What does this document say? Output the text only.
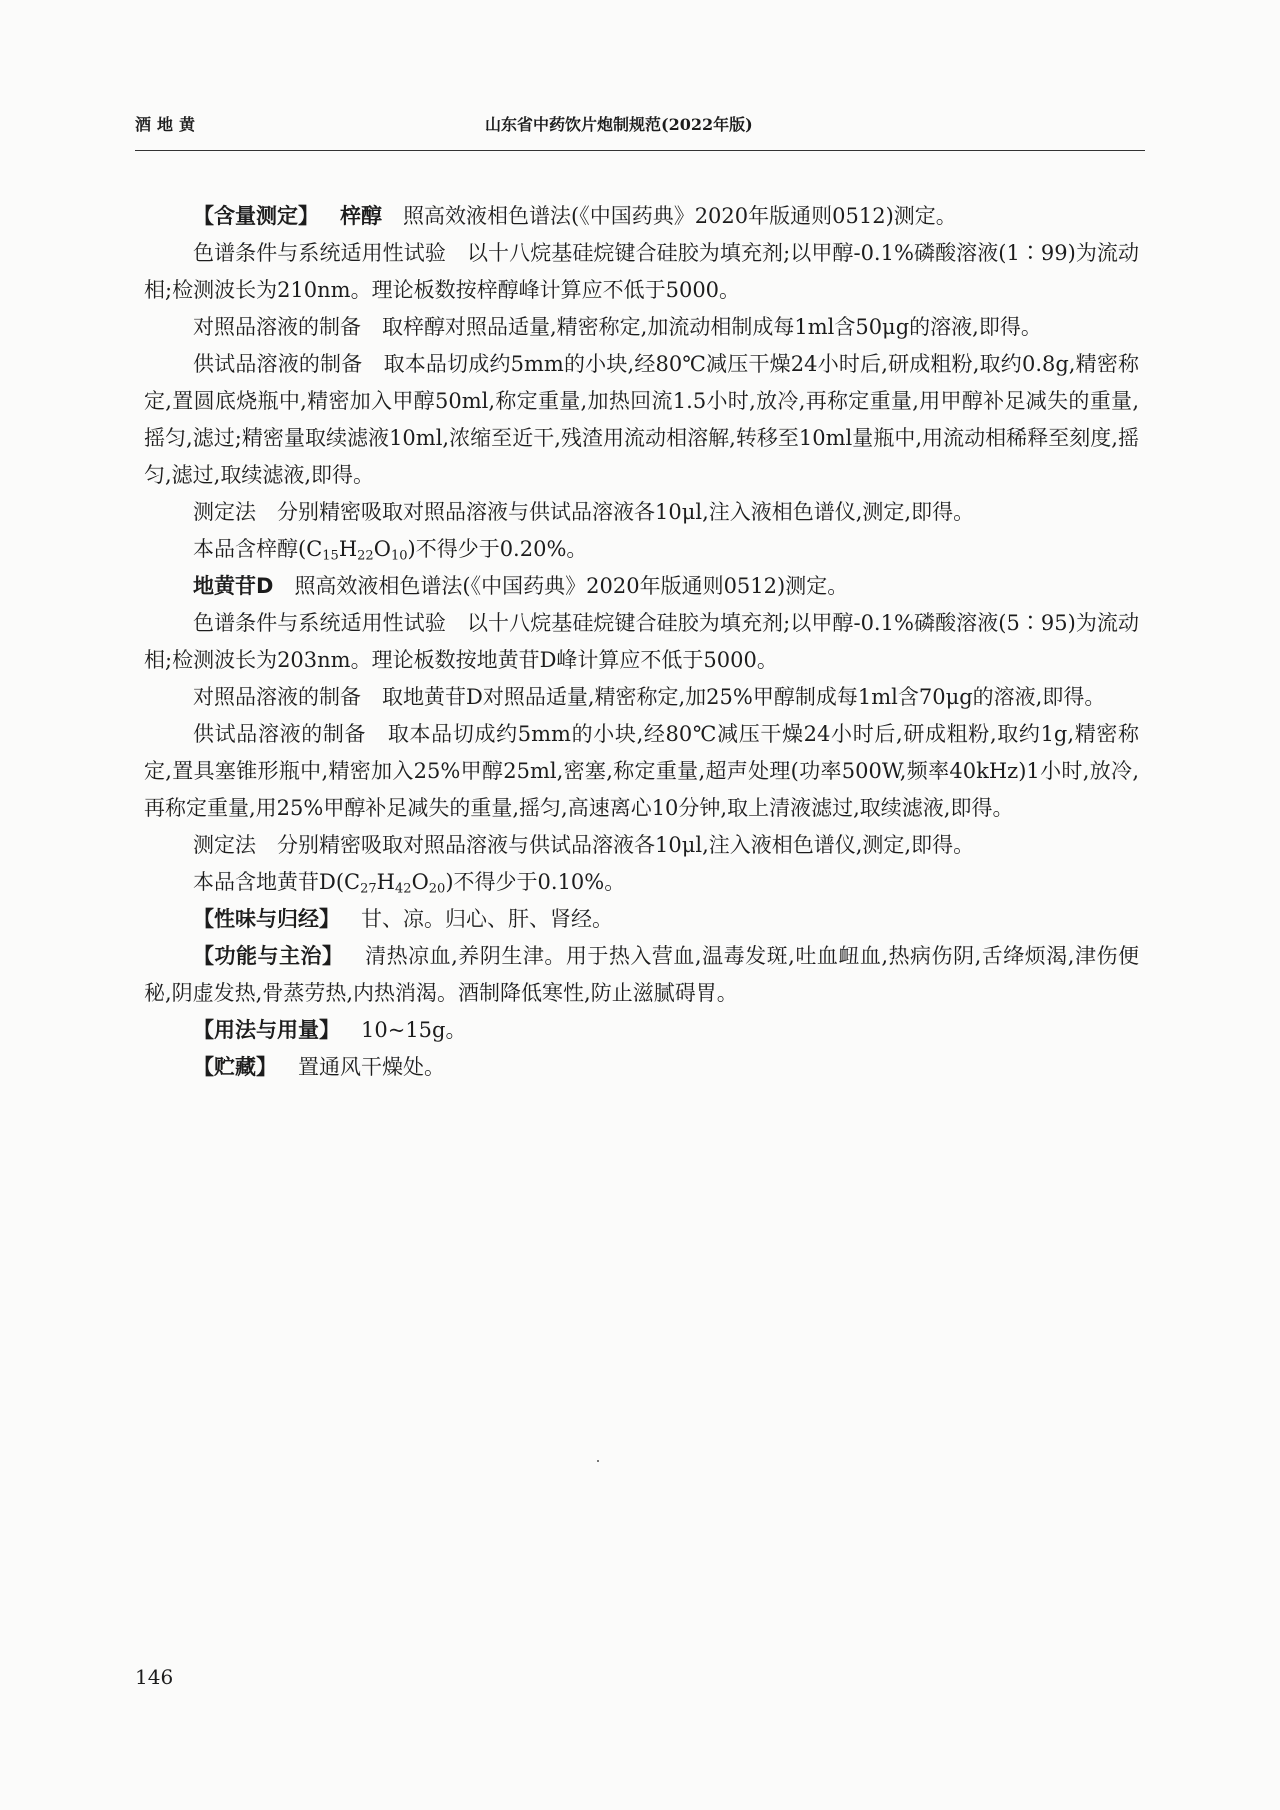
酒地黄	山东省中药饮片炮制规范(2022年版)

【含量测定】 梓醇 照高效液相色谱法(《中国药典》2020年版通则0512)测定。

色谱条件与系统适用性试验 以十八烷基硅烷键合硅胶为填充剂;以甲醇-0.1%磷酸溶液(1∶99)为流动相;检测波长为210nm。理论板数按梓醇峰计算应不低于5000。

对照品溶液的制备 取梓醇对照品适量,精密称定,加流动相制成每1ml含50μg的溶液,即得。

供试品溶液的制备 取本品切成约5mm的小块,经80℃减压干燥24小时后,研成粗粉,取约0.8g,精密称定,置圆底烧瓶中,精密加入甲醇50ml,称定重量,加热回流1.5小时,放冷,再称定重量,用甲醇补足减失的重量,摇匀,滤过;精密量取续滤液10ml,浓缩至近干,残渣用流动相溶解,转移至10ml量瓶中,用流动相稀释至刻度,摇匀,滤过,取续滤液,即得。

测定法 分别精密吸取对照品溶液与供试品溶液各10μl,注入液相色谱仪,测定,即得。

本品含梓醇$(C_{15}H_{22}O_{10})$不得少于0.20%。

地黄苷D 照高效液相色谱法(《中国药典》2020年版通则0512)测定。

色谱条件与系统适用性试验 以十八烷基硅烷键合硅胶为填充剂;以甲醇-0.1%磷酸溶液(5∶95)为流动相;检测波长为203nm。理论板数按地黄苷D峰计算应不低于5000。

对照品溶液的制备 取地黄苷D对照品适量,精密称定,加25%甲醇制成每1ml含70μg的溶液,即得。

供试品溶液的制备 取本品切成约5mm的小块,经80℃减压干燥24小时后,研成粗粉,取约1g,精密称定,置具塞锥形瓶中,精密加入25%甲醇25ml,密塞,称定重量,超声处理(功率500W,频率40kHz)1小时,放冷,再称定重量,用25%甲醇补足减失的重量,摇匀,高速离心10分钟,取上清液滤过,取续滤液,即得。

测定法 分别精密吸取对照品溶液与供试品溶液各10μl,注入液相色谱仪,测定,即得。

本品含地黄苷$D(C_{27}H_{42}O_{20})$不得少于0.10%。

【性味与归经】 甘、凉。归心、肝、肾经。

【功能与主治】 清热凉血,养阴生津。用于热入营血,温毒发斑,吐血衄血,热病伤阴,舌绛烦渴,津伤便秘,阴虚发热,骨蒸劳热,内热消渴。酒制降低寒性,防止滋腻碍胃。

【用法与用量】 10~15g。

【贮藏】 置通风干燥处。

146
